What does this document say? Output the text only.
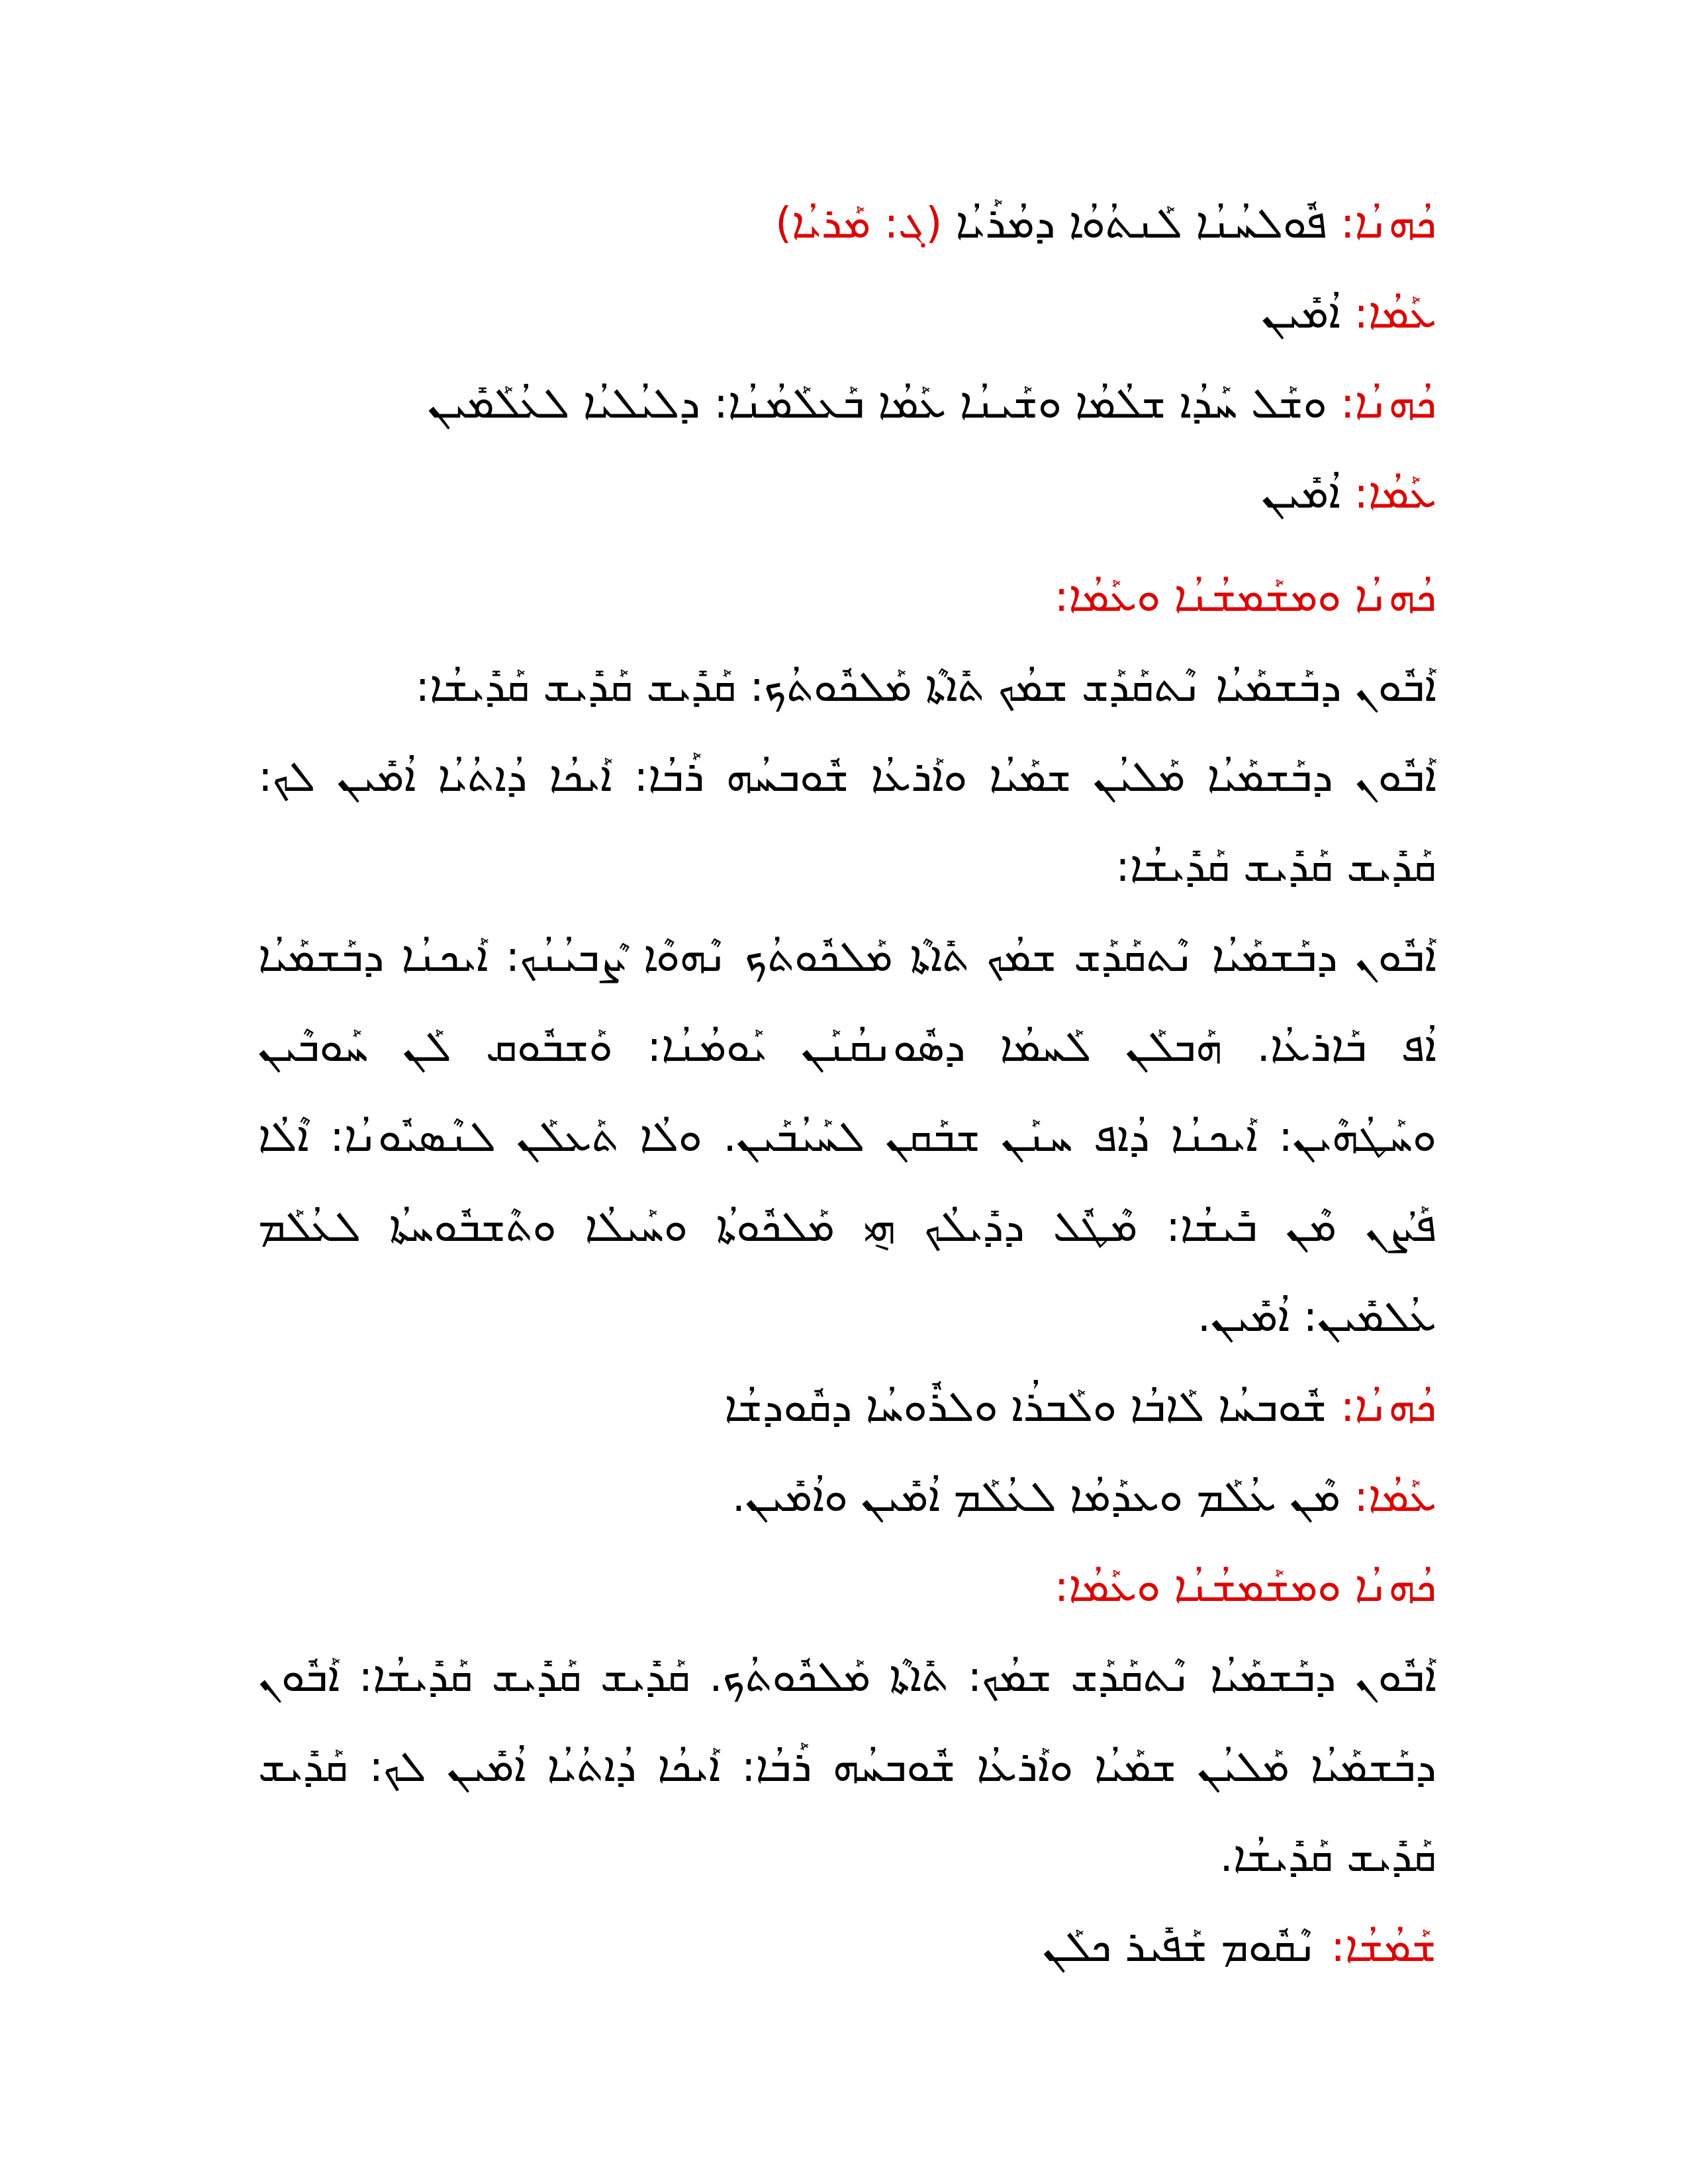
ܟܳܗܢܳܐ: ܦܽܘܠܚܳܢܳܐ ܠܰܢܬܳܘܳܐ ܕܡܳܪܰܝܳܐ (ܓ: ܡܰܪܝܳܐ)
ܥܰܡܳܐ: ܐܳܡܺܝܢ
ܟܳܗܢܳܐ: ܘܫܰܠ ܚܰܕܳܐ ܫܠܳܡܳܐ ܘܫܰܝܢܳܐ ܥܰܡܳܐ ܒܰܥܠܰܡܳܢܳܐ: ܕܠܝܳܠܝܳܐ ܠܥܳܠܰܡܺܝܢ
ܥܰܡܳܐ: ܐܳܡܺܝܢ
ܟܳܗܢܳܐ ܘܡܫܰܡܫܳܢܳܐ ܘܥܰܡܳܐ:
ܐܰܒܽܘܢ ܕܒܰܫܡܰܝܳܐ ܢܶܬܩܰܕܰܫ ܫܡܳܟ ܬܺܐܬܶܐ ܡܰܠܟܽܘܬܳܟ: ܩܰܕܺܝܫ ܩܰܕܺܝܫ ܩܰܕܺܝܫܳܐ:
ܐܰܒܽܘܢ ܕܒܰܫܡܰܝܳܐ ܡܰܠܝܳܢ ܫܡܰܝܳܐ ܘܐܰܪܥܳܐ ܫܽܘܒܚܳܗ ܪܰܒܳܐ: ܐܰܝܟܳܐ ܕܳܐܬܳܝܳܐ ܐܳܡܺܝܢ ܠܟ: ܩܰܕܺܝܫ ܩܰܕܺܝܫ ܩܰܕܺܝܫܳܐ:
ܐܰܒܽܘܢ ܕܒܰܫܡܰܝܳܐ ܢܶܬܩܰܕܰܫ ܫܡܳܟ ܬܺܐܬܶܐ ܡܰܠܟܽܘܬܳܟ ܢܶܗܘܶܐ ܨܶܒܝܳܢܳܟ: ܐܰܝܟܢܳܐ ܕܒܰܫܡܰܝܳܐ ܐܳܦ ܒܰܐܪܥܳܐ. ܗܰܒܠܰܢ ܠܰܚܡܳܐ ܕܣܽܘܢܩܳܢܰܢ ܝܰܘܡܳܢܳܐ: ܘܰܫܒܽܘܩ ܠܰܢ ܚܰܘܒܶܝܢ ܘܚܰܛܳܗܶܝܢ: ܐܰܝܟܢܳܐ ܕܳܐܦ ܚܢܰܢ ܫܒܰܩܢ ܠܚܰܝܳܒܰܝܢ. ܘܠܳܐ ܬܰܥܠܰܢ ܠܢܶܣܝܽܘܢܳܐ: ܐܶܠܳܐ ܦܰܨܳܢ ܡܶܢ ܒܺܝܫܳܐ: ܡܶܛܽܠ ܕܕܺܝܠܳܟ ܗ݈ܝ ܡܰܠܟܽܘܬܳܐ ܘܚܰܝܠܳܐ ܘܬܶܫܒܽܘܚܬܳܐ ܠܥܳܠܰܡ ܥܳܠܡܺܝܢ: ܐܳܡܺܝܢ.
ܟܳܗܢܳܐ: ܫܽܘܒܚܳܐ ܠܰܐܒܳܐ ܘܠܰܒܪܳܐ ܘܠܪܽܘܚܳܐ ܕܩܽܘܕܫܳܐ
ܥܰܡܳܐ: ܡܶܢ ܥܳܠܰܡ ܘܥܕܰܡܳܐ ܠܥܳܠܰܡ ܐܳܡܺܝܢ ܘܐܳܡܺܝܢ.
ܟܳܗܢܳܐ ܘܡܫܰܡܫܳܢܳܐ ܘܥܰܡܳܐ:
ܐܰܒܽܘܢ ܕܒܰܫܡܰܝܳܐ ܢܶܬܩܰܕܰܫ ܫܡܳܟ: ܬܺܐܬܶܐ ܡܰܠܟܽܘܬܳܟ. ܩܰܕܺܝܫ ܩܰܕܺܝܫ ܩܰܕܺܝܫܳܐ: ܐܰܒܽܘܢ ܕܒܰܫܡܰܝܳܐ ܡܰܠܝܳܢ ܫܡܰܝܳܐ ܘܐܰܪܥܳܐ ܫܽܘܒܚܳܗ ܪܰܒܳܐ: ܐܰܝܟܳܐ ܕܳܐܬܳܝܳܐ ܐܳܡܺܝܢ ܠܟ: ܩܰܕܺܝܫ ܩܰܕܺܝܫ ܩܰܕܺܝܫܳܐ.
ܫܰܡܳܫܳܐ: ܢܶܩܽܘܡ ܫܰܦܺܝܪ ܟܠܰܢ
